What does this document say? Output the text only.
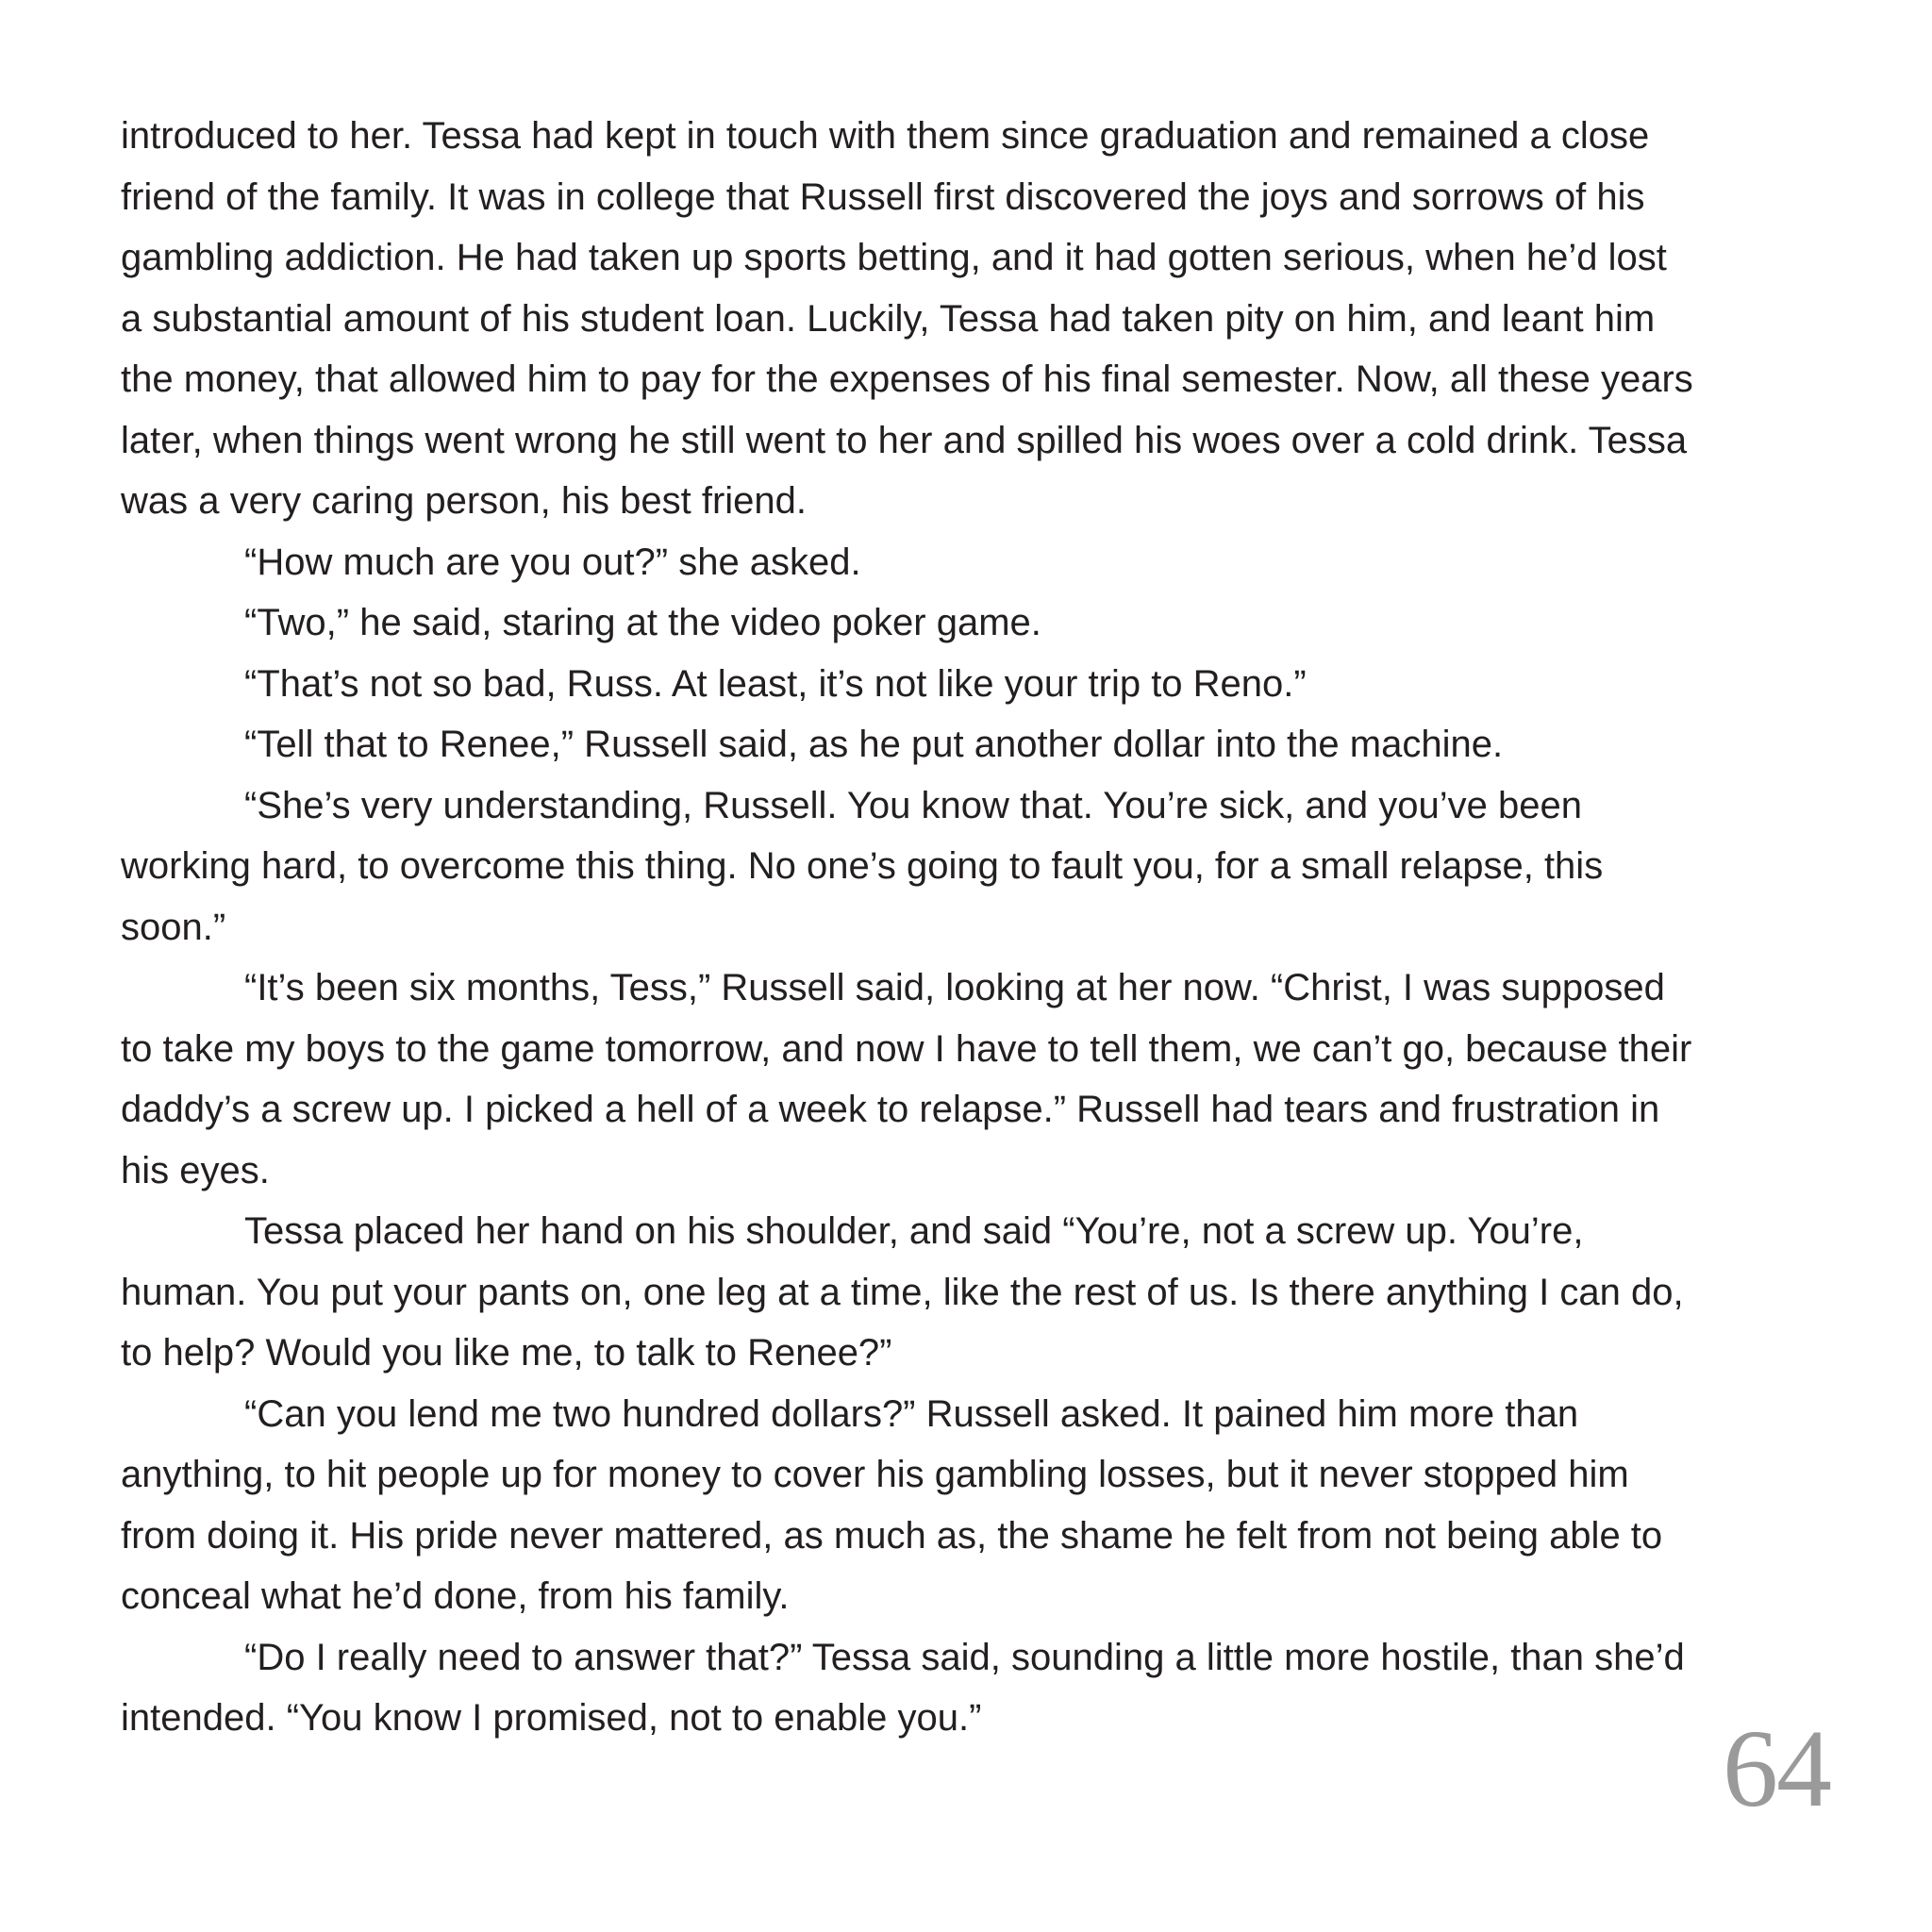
introduced to her. Tessa had kept in touch with them since graduation and remained a close
friend of the family. It was in college that Russell first discovered the joys and sorrows of his
gambling addiction. He had taken up sports betting, and it had gotten serious, when he’d lost
a substantial amount of his student loan. Luckily, Tessa had taken pity on him, and leant him
the money, that allowed him to pay for the expenses of his final semester. Now, all these years
later, when things went wrong he still went to her and spilled his woes over a cold drink. Tessa
was a very caring person, his best friend.
“How much are you out?” she asked.
“Two,” he said, staring at the video poker game.
“That’s not so bad, Russ. At least, it’s not like your trip to Reno.”
“Tell that to Renee,” Russell said, as he put another dollar into the machine.
“She’s very understanding, Russell. You know that. You’re sick, and you’ve been
working hard, to overcome this thing. No one’s going to fault you, for a small relapse, this
soon.”
“It’s been six months, Tess,” Russell said, looking at her now. “Christ, I was supposed
to take my boys to the game tomorrow, and now I have to tell them, we can’t go, because their
daddy’s a screw up. I picked a hell of a week to relapse.” Russell had tears and frustration in
his eyes.
Tessa placed her hand on his shoulder, and said “You’re, not a screw up. You’re,
human. You put your pants on, one leg at a time, like the rest of us. Is there anything I can do,
to help? Would you like me, to talk to Renee?”
“Can you lend me two hundred dollars?” Russell asked. It pained him more than
anything, to hit people up for money to cover his gambling losses, but it never stopped him
from doing it. His pride never mattered, as much as, the shame he felt from not being able to
conceal what he’d done, from his family.
“Do I really need to answer that?” Tessa said, sounding a little more hostile, than she’d
intended. “You know I promised, not to enable you.”	64
